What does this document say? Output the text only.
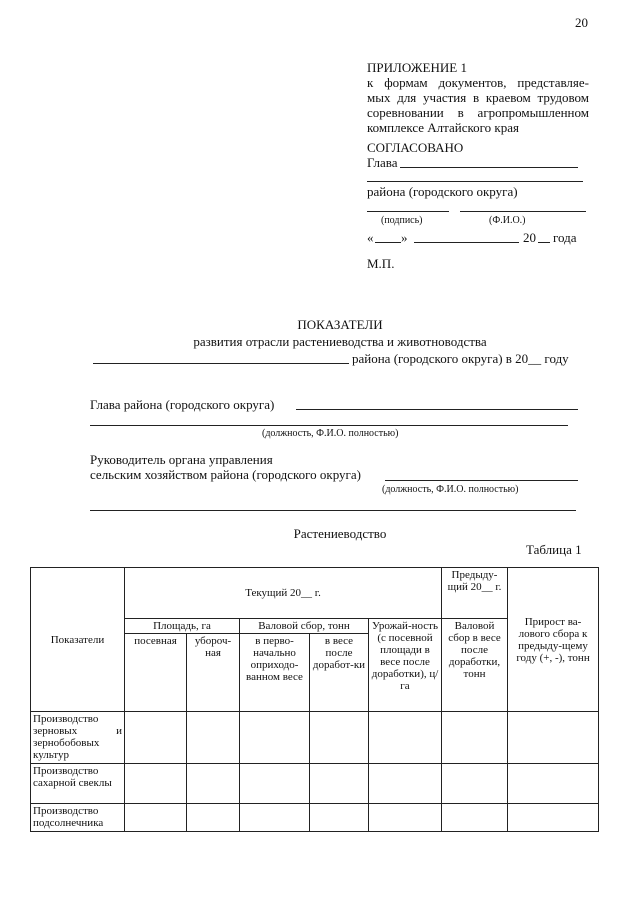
20
ПРИЛОЖЕНИЕ 1
к формам документов, представляе-
мых для участия в краевом трудовом
соревновании в агропромышленном
комплексе Алтайского края
СОГЛАСОВАНО
Глава
района (городского округа)
(подпись)	(Ф.И.О.)
« »	20 года
М.П.
ПОКАЗАТЕЛИ
развития отрасли растениеводства и животноводства
района (городского округа) в 20__ году
Глава района (городского округа)
(должность, Ф.И.О. полностью)
Руководитель органа управления
сельским хозяйством района (городского округа)
(должность, Ф.И.О. полностью)
Растениеводство
Таблица 1
Показатели	Текущий 20__ г.					Предыду-щий 20__ г.	Прирост ва-лового сбора к предыду-щему году (+, -), тонн
	Площадь, га		Валовой сбор, тонн		Урожай-ность (с посевной площади в весе после доработки), ц/га	Валовой сбор в весе после доработки, тонн	
	посевная	убороч-ная	в перво-начально оприходо-ванном весе	в весе после доработ-ки			
Производство зерновых и зернобобовых культур							
Производство сахарной свеклы							
Производство подсолнечника							
